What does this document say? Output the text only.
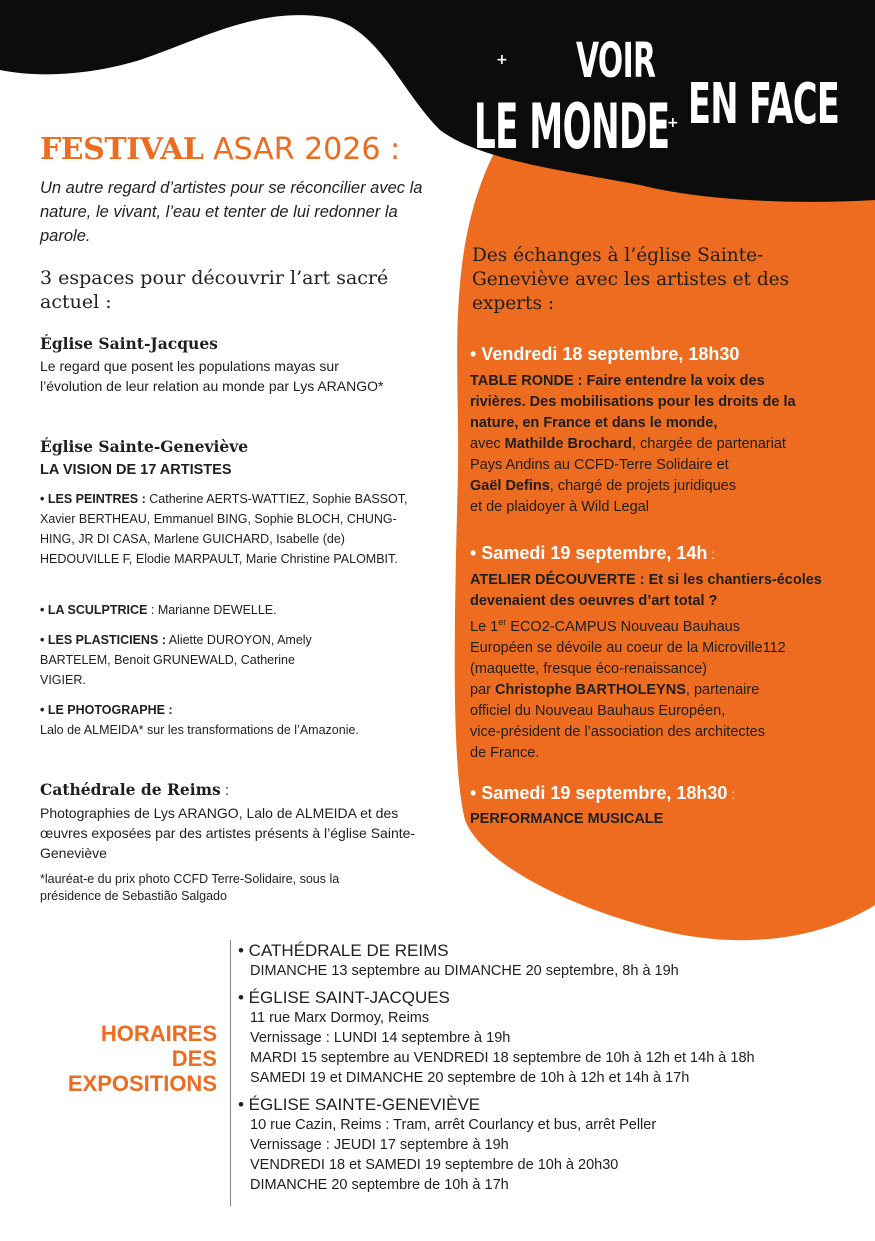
VOIR
LE MONDE EN FACE
+
+
FESTIVAL ASAR 2026 :
Un autre regard d’artistes pour se réconcilier avec la nature, le vivant, l’eau et tenter de lui redonner la parole.
3 espaces pour découvrir l’art sacré actuel :
Église Saint-Jacques
Le regard que posent les populations mayas sur l’évolution de leur relation au monde par Lys ARANGO*
Église Sainte-Geneviève
LA VISION DE 17 ARTISTES
• LES PEINTRES : Catherine AERTS-WATTIEZ, Sophie BASSOT, Xavier BERTHEAU, Emmanuel BING, Sophie BLOCH, CHUNG-HING, JR DI CASA, Marlene GUICHARD, Isabelle (de) HEDOUVILLE F, Elodie MARPAULT, Marie Christine PALOMBIT.
• LA SCULPTRICE : Marianne DEWELLE.
• LES PLASTICIENS : Aliette DUROYON, Amely BARTELEM, Benoit GRUNEWALD, Catherine VIGIER.
• LE PHOTOGRAPHE :
Lalo de ALMEIDA* sur les transformations de l’Amazonie.
Cathédrale de Reims :
Photographies de Lys ARANGO, Lalo de ALMEIDA et des œuvres exposées par des artistes présents à l’église Sainte-Geneviève
*lauréat-e du prix photo CCFD Terre-Solidaire, sous la présidence de Sebastião Salgado
Des échanges à l’église Sainte-Geneviève avec les artistes et des experts :
• Vendredi 18 septembre, 18h30
TABLE RONDE : Faire entendre la voix des
rivières. Des mobilisations pour les droits de la
nature, en France et dans le monde,
avec Mathilde Brochard, chargée de partenariat
Pays Andins au CCFD-Terre Solidaire et
Gaël Defins, chargé de projets juridiques
et de plaidoyer à Wild Legal
• Samedi 19 septembre, 14h :
ATELIER DÉCOUVERTE : Et si les chantiers-écoles
devenaient des oeuvres d’art total ?
Le 1er ECO2-CAMPUS Nouveau Bauhaus
Européen se dévoile au coeur de la Microville112
(maquette, fresque éco-renaissance)
par Christophe BARTHOLEYNS, partenaire
officiel du Nouveau Bauhaus Européen,
vice-président de l’association des architectes
de France.
• Samedi 19 septembre, 18h30 :
PERFORMANCE MUSICALE
HORAIRES
DES
EXPOSITIONS
• CATHÉDRALE DE REIMS
DIMANCHE 13 septembre au DIMANCHE 20 septembre, 8h à 19h
• ÉGLISE SAINT-JACQUES
11 rue Marx Dormoy, Reims
Vernissage : LUNDI 14 septembre à 19h
MARDI 15 septembre au VENDREDI 18 septembre de 10h à 12h et 14h à 18h
SAMEDI 19 et DIMANCHE 20 septembre de 10h à 12h et 14h à 17h
• ÉGLISE SAINTE-GENEVIÈVE
10 rue Cazin, Reims : Tram, arrêt Courlancy et bus, arrêt Peller
Vernissage : JEUDI 17 septembre à 19h
VENDREDI 18 et SAMEDI 19 septembre de 10h à 20h30
DIMANCHE 20 septembre de 10h à 17h
